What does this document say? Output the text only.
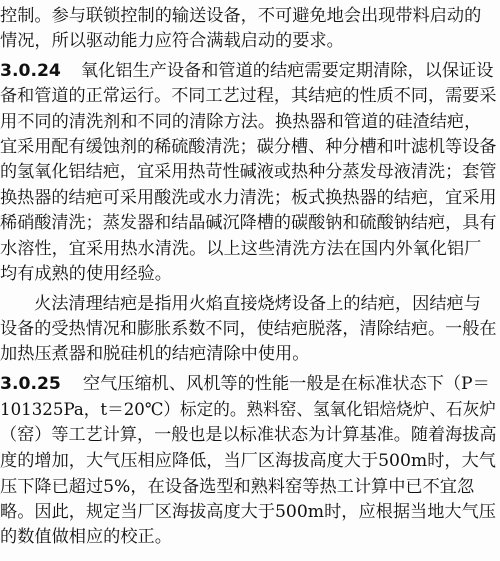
控制。参与联锁控制的输送设备，不可避免地会出现带料启动的
情况，所以驱动能力应符合满载启动的要求。
3.0.24 氧化铝生产设备和管道的结疤需要定期清除，以保证设
备和管道的正常运行。不同工艺过程，其结疤的性质不同，需要采
用不同的清洗剂和不同的清除方法。换热器和管道的硅渣结疤，
宜采用配有缓蚀剂的稀硫酸清洗；碳分槽、种分槽和叶滤机等设备
的氢氧化铝结疤，宜采用热苛性碱液或热种分蒸发母液清洗；套管
换热器的结疤可采用酸洗或水力清洗；板式换热器的结疤，宜采用
稀硝酸清洗；蒸发器和结晶碱沉降槽的碳酸钠和硫酸钠结疤，具有
水溶性，宜采用热水清洗。以上这些清洗方法在国内外氧化铝厂
均有成熟的使用经验。
火法清理结疤是指用火焰直接烧烤设备上的结疤，因结疤与
设备的受热情况和膨胀系数不同，使结疤脱落，清除结疤。一般在
加热压煮器和脱硅机的结疤清除中使用。
3.0.25 空气压缩机、风机等的性能一般是在标准状态下（P＝
101325Pa，t＝20℃）标定的。熟料窑、氢氧化铝焙烧炉、石灰炉
（窑）等工艺计算，一般也是以标准状态为计算基准。随着海拔高
度的增加，大气压相应降低，当厂区海拔高度大于500m时，大气
压下降已超过5%，在设备选型和熟料窑等热工计算中已不宜忽
略。因此，规定当厂区海拔高度大于500m时，应根据当地大气压
的数值做相应的校正。
